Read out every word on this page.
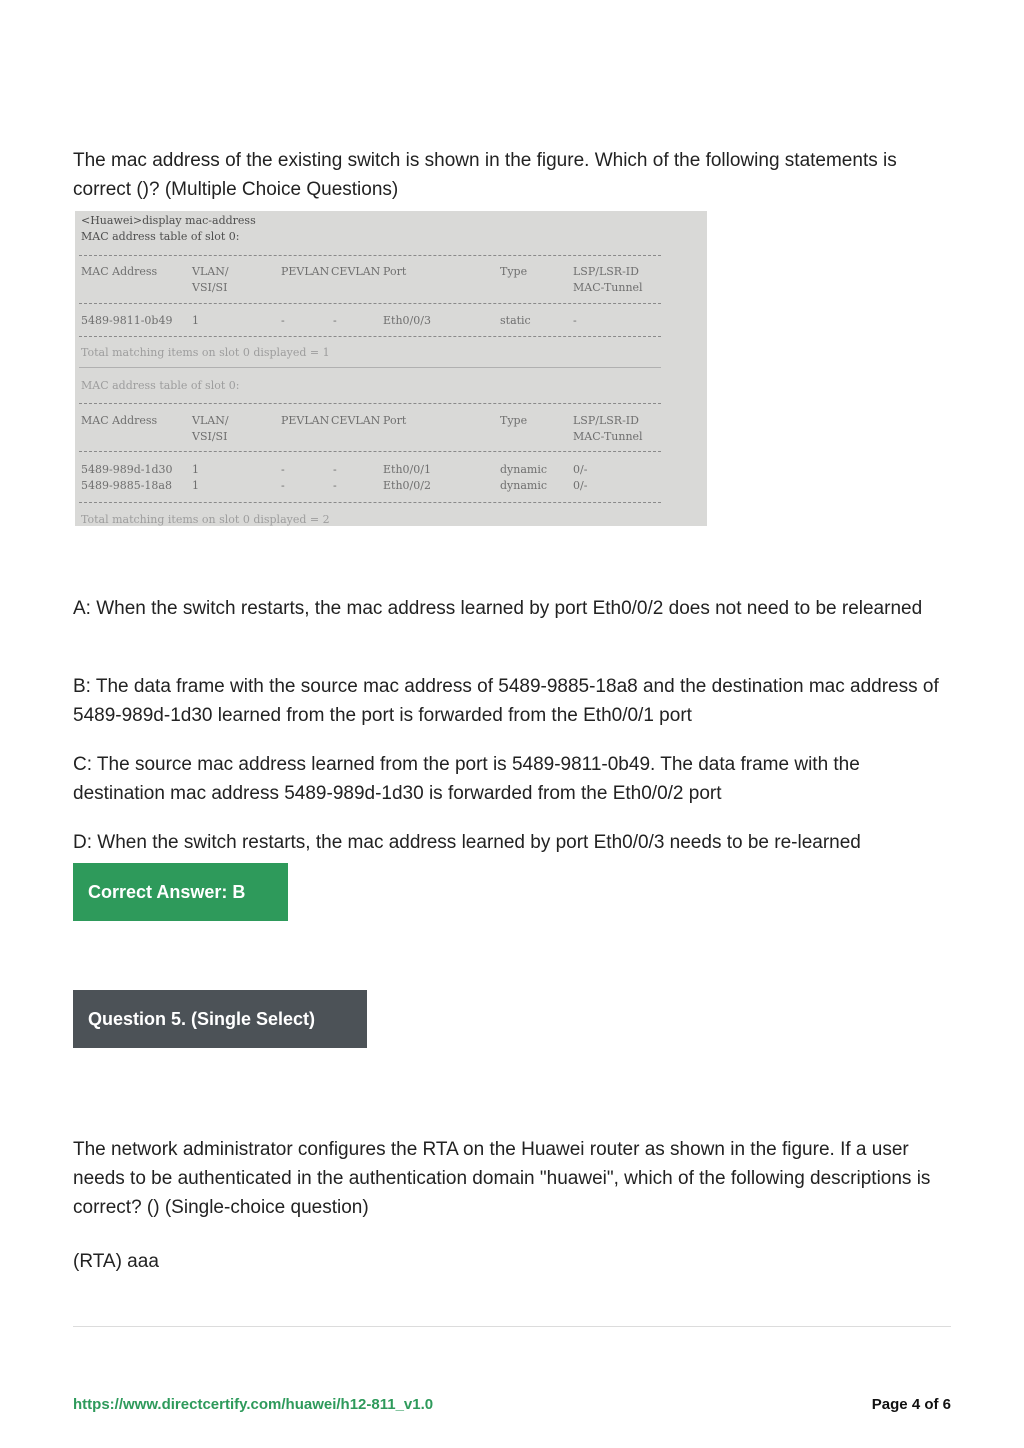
The mac address of the existing switch is shown in the figure. Which of the following statements is correct ()? (Multiple Choice Questions)

<Huawei>display mac-address
MAC address table of slot 0:
MAC Address	VLAN/
VSI/SI
PEVLAN CEVLAN Port	Type	LSP/LSR-ID
MAC-Tunnel
5489-9811-0b49 1	-	-	Eth0/0/3	static	-
Total matching items on slot 0 displayed = 1
MAC address table of slot 0:
MAC Address	VLAN/
VSI/SI
PEVLAN CEVLAN Port	Type	LSP/LSR-ID
MAC-Tunnel
5489-989d-1d30 1	-	-	Eth0/0/1	dynamic 0/-
5489-9885-18a8 1	-	-	Eth0/0/2	dynamic 0/-
Total matching items on slot 0 displayed = 2

A: When the switch restarts, the mac address learned by port Eth0/0/2 does not need to be relearned

B: The data frame with the source mac address of 5489-9885-18a8 and the destination mac address of 5489-989d-1d30 learned from the port is forwarded from the Eth0/0/1 port

C: The source mac address learned from the port is 5489-9811-0b49. The data frame with the destination mac address 5489-989d-1d30 is forwarded from the Eth0/0/2 port

D: When the switch restarts, the mac address learned by port Eth0/0/3 needs to be re-learned

Correct Answer: B
Question 5. (Single Select)

The network administrator configures the RTA on the Huawei router as shown in the figure. If a user needs to be authenticated in the authentication domain "huawei", which of the following descriptions is correct? () (Single-choice question)

(RTA) aaa

https://www.directcertify.com/huawei/h12-811_v1.0	Page 4 of 6
